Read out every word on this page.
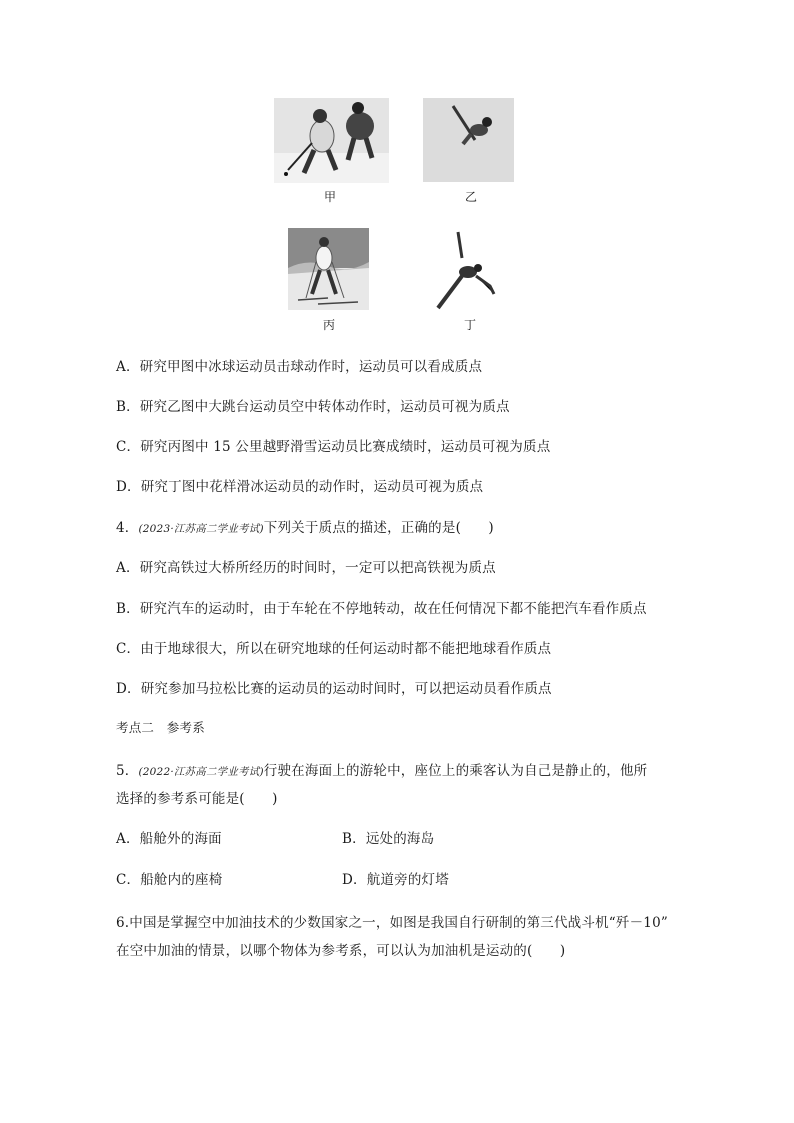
甲	乙
丙	丁
A．研究甲图中冰球运动员击球动作时，运动员可以看成质点
B．研究乙图中大跳台运动员空中转体动作时，运动员可视为质点
C．研究丙图中 15 公里越野滑雪运动员比赛成绩时，运动员可视为质点
D．研究丁图中花样滑冰运动员的动作时，运动员可视为质点
4．(2023·江苏高二学业考试)下列关于质点的描述，正确的是(　　)
A．研究高铁过大桥所经历的时间时，一定可以把高铁视为质点
B．研究汽车的运动时，由于车轮在不停地转动，故在任何情况下都不能把汽车看作质点
C．由于地球很大，所以在研究地球的任何运动时都不能把地球看作质点
D．研究参加马拉松比赛的运动员的运动时间时，可以把运动员看作质点
考点二　参考系
5．(2022·江苏高二学业考试)行驶在海面上的游轮中，座位上的乘客认为自己是静止的，他所
选择的参考系可能是(　　)
A．船舱外的海面	B．远处的海岛
C．船舱内的座椅	D．航道旁的灯塔
6.中国是掌握空中加油技术的少数国家之一，如图是我国自行研制的第三代战斗机“歼－10”
在空中加油的情景，以哪个物体为参考系，可以认为加油机是运动的(　　)
